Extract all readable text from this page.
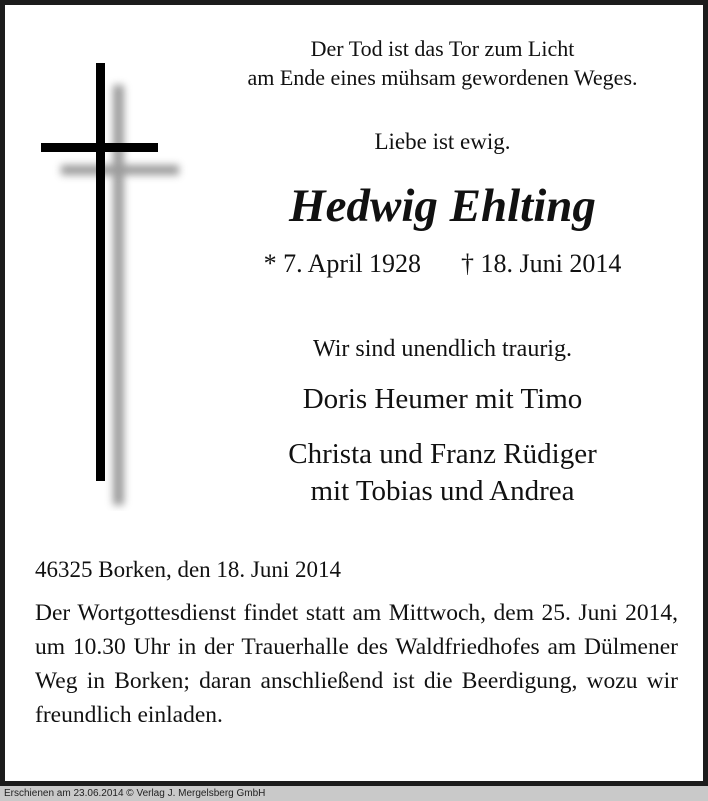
Der Tod ist das Tor zum Licht
am Ende eines mühsam gewordenen Weges.
Liebe ist ewig.
Hedwig Ehlting
* 7. April 1928 † 18. Juni 2014
Wir sind unendlich traurig.
Doris Heumer mit Timo
Christa und Franz Rüdiger
mit Tobias und Andrea
46325 Borken, den 18. Juni 2014
Der Wortgottesdienst findet statt am Mittwoch, dem 25. Juni 2014, um 10.30 Uhr in der Trauerhalle des Waldfriedhofes am Dülmener Weg in Borken; daran anschließend ist die Beerdigung, wozu wir freundlich einladen.
Erschienen am 23.06.2014 © Verlag J. Mergelsberg GmbH
